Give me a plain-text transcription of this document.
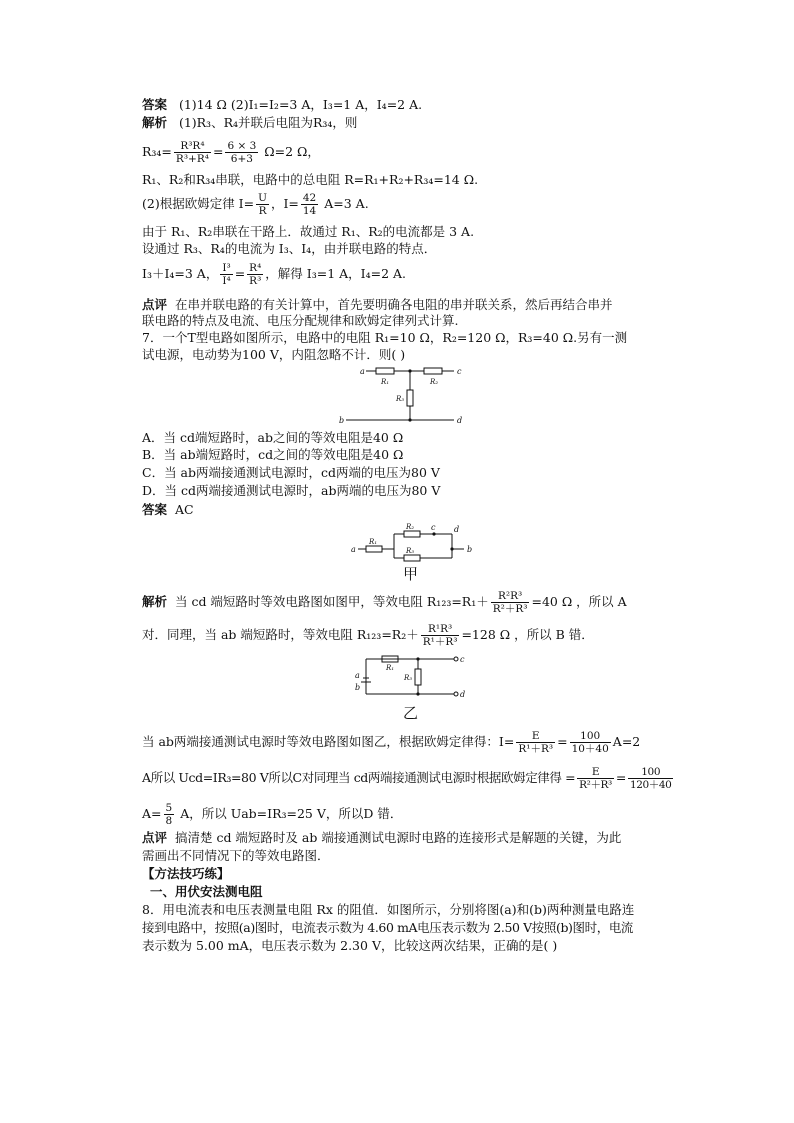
答案 (1)14 Ω (2)I₁=I₂=3 A，I₃=1 A，I₄=2 A.
解析 (1)R₃、R₄并联后电阻为R₃₄，则
$R_{34}= \frac{\text{R³R⁴}}{\text{R³+R⁴}} = \frac{6 \times 3}{6+3} \Omega=2$ Ω，
R₁、R₂和R₃₄串联，电路中的总电阻 R=R₁+R₂+R₃₄=14 Ω.
(2)根据欧姆定律 $I= \frac{U}{R}$ ，$I= \frac{42}{14} A=3$ A.
由于 R₁、R₂串联在干路上．故通过 R₁、R₂的电流都是 3 A.
设通过 R₃、R₄的电流为 I₃、I₄，由并联电路的特点．
I₃＋I₄=3 A， $\frac{\text{I³}}{\text{I⁴}} = \frac{\text{R⁴}}{\text{R³}}$ ，解得 I₃=1 A，I₄=2 A.
点评 在串并联电路的有关计算中，首先要明确各电阻的串并联关系，然后再结合串并
联电路的特点及电流、电压分配规律和欧姆定律列式计算.
7．一个T型电路如图所示，电路中的电阻 R₁=10 Ω，R₂=120 Ω，R₃=40 Ω.另有一测
试电源，电动势为100 V，内阻忽略不计．则( )
a	c
b	d
R₁	R₂
R₃
A．当 cd端短路时，ab之间的等效电阻是40 Ω
B．当 ab端短路时，cd之间的等效电阻是40 Ω
C．当 ab两端接通测试电源时，cd两端的电压为80 V
D．当 cd两端接通测试电源时，ab两端的电压为80 V
答案 AC
a	b
c d
R₁
R₂
R₃
甲
解析 当 cd 端短路时等效电路图如图甲，等效电阻 $R_{123}=R_1+ \frac{\text{R²R³}}{\text{R²＋R³}} =40$ Ω ，所以 A
对．同理，当 ab 端短路时，等效电阻 $R_{123}=R_2+ \frac{\text{R¹R³}}{\text{R¹＋R³}} =128$ Ω ，所以 B 错．
a
b
c
d
R₁
R₃
乙
当 ab两端接通测试电源时等效电路图如图乙，根据欧姆定律得：$I= \frac{E}{\text{R¹＋R³}} = \frac{100}{10+40} A=2$
A所以 Ucd=IR₃=80 V所以C对同理当 cd两端接通测试电源时根据欧姆定律得 = $\frac{E}{\text{R²＋R³}} = \frac{100}{120+40}$
$A= \frac{5}{8}$ A，所以 Uab=IR₃=25 V，所以D 错．
点评 搞清楚 cd 端短路时及 ab 端接通测试电源时电路的连接形式是解题的关键，为此
需画出不同情况下的等效电路图．
【方法技巧练】
一、用伏安法测电阻
8．用电流表和电压表测量电阻 Rx 的阻值．如图所示，分别将图(a)和(b)两种测量电路连
接到电路中，按照(a)图时，电流表示数为 4.60 mA电压表示数为 2.50 V按照(b)图时，电流
表示数为 5.00 mA，电压表示数为 2.30 V，比较这两次结果，正确的是( )
